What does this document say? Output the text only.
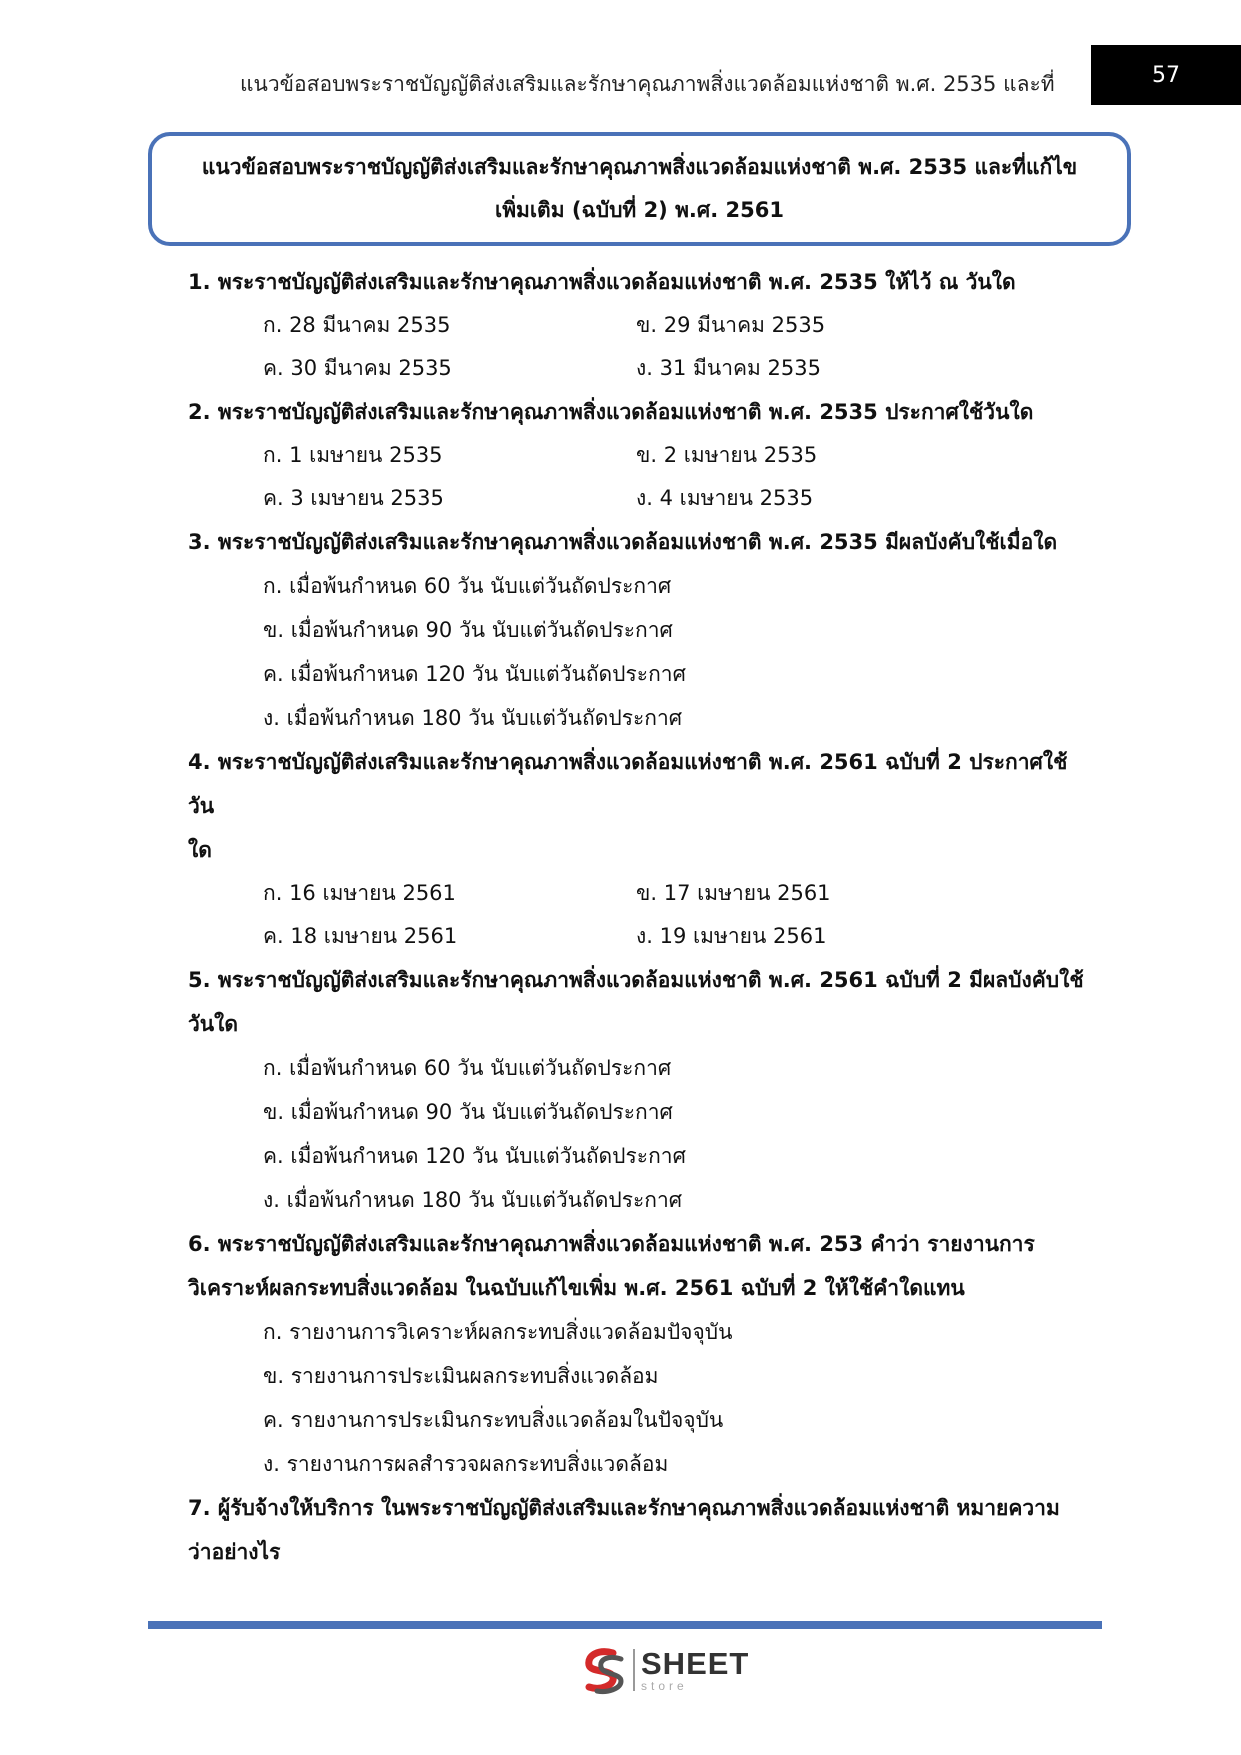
แนวข้อสอบพระราชบัญญัติส่งเสริมและรักษาคุณภาพสิ่งแวดล้อมแห่งชาติ พ.ศ. 2535 และที่	57
แนวข้อสอบพระราชบัญญัติส่งเสริมและรักษาคุณภาพสิ่งแวดล้อมแห่งชาติ พ.ศ. 2535 และที่แก้ไข
เพิ่มเติม (ฉบับที่ 2) พ.ศ. 2561
1. พระราชบัญญัติส่งเสริมและรักษาคุณภาพสิ่งแวดล้อมแห่งชาติ พ.ศ. 2535 ให้ไว้ ณ วันใด
ก. 28 มีนาคม 2535	ข. 29 มีนาคม 2535
ค. 30 มีนาคม 2535	ง. 31 มีนาคม 2535
2. พระราชบัญญัติส่งเสริมและรักษาคุณภาพสิ่งแวดล้อมแห่งชาติ พ.ศ. 2535 ประกาศใช้วันใด
ก. 1 เมษายน 2535	ข. 2 เมษายน 2535
ค. 3 เมษายน 2535	ง. 4 เมษายน 2535
3. พระราชบัญญัติส่งเสริมและรักษาคุณภาพสิ่งแวดล้อมแห่งชาติ พ.ศ. 2535 มีผลบังคับใช้เมื่อใด
ก. เมื่อพ้นกำหนด 60 วัน นับแต่วันถัดประกาศ
ข. เมื่อพ้นกำหนด 90 วัน นับแต่วันถัดประกาศ
ค. เมื่อพ้นกำหนด 120 วัน นับแต่วันถัดประกาศ
ง. เมื่อพ้นกำหนด 180 วัน นับแต่วันถัดประกาศ
4. พระราชบัญญัติส่งเสริมและรักษาคุณภาพสิ่งแวดล้อมแห่งชาติ พ.ศ. 2561 ฉบับที่ 2 ประกาศใช้วัน
ใด
ก. 16 เมษายน 2561	ข. 17 เมษายน 2561
ค. 18 เมษายน 2561	ง. 19 เมษายน 2561
5. พระราชบัญญัติส่งเสริมและรักษาคุณภาพสิ่งแวดล้อมแห่งชาติ พ.ศ. 2561 ฉบับที่ 2 มีผลบังคับใช้
วันใด
ก. เมื่อพ้นกำหนด 60 วัน นับแต่วันถัดประกาศ
ข. เมื่อพ้นกำหนด 90 วัน นับแต่วันถัดประกาศ
ค. เมื่อพ้นกำหนด 120 วัน นับแต่วันถัดประกาศ
ง. เมื่อพ้นกำหนด 180 วัน นับแต่วันถัดประกาศ
6. พระราชบัญญัติส่งเสริมและรักษาคุณภาพสิ่งแวดล้อมแห่งชาติ พ.ศ. 253 คำว่า รายงานการ
วิเคราะห์ผลกระทบสิ่งแวดล้อม ในฉบับแก้ไขเพิ่ม พ.ศ. 2561 ฉบับที่ 2 ให้ใช้คำใดแทน
ก. รายงานการวิเคราะห์ผลกระทบสิ่งแวดล้อมปัจจุบัน
ข. รายงานการประเมินผลกระทบสิ่งแวดล้อม
ค. รายงานการประเมินกระทบสิ่งแวดล้อมในปัจจุบัน
ง. รายงานการผลสำรวจผลกระทบสิ่งแวดล้อม
7. ผู้รับจ้างให้บริการ ในพระราชบัญญัติส่งเสริมและรักษาคุณภาพสิ่งแวดล้อมแห่งชาติ หมายความ
ว่าอย่างไร
SHEET
store
